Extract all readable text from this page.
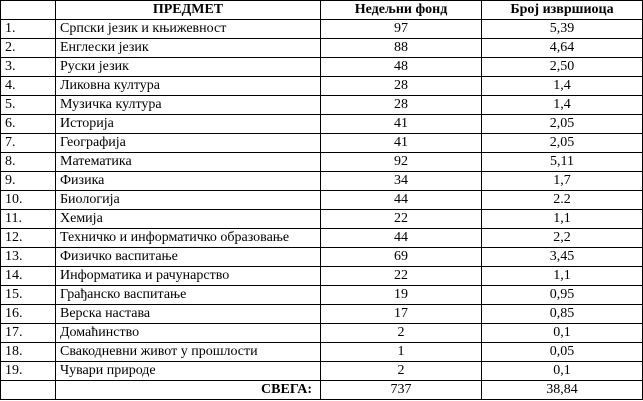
	ПРЕДМЕТ	Недељни фонд	Број извршиоца
1.	Српски језик и књижевност	97	5,39
2.	Енглески језик	88	4,64
3.	Руски језик	48	2,50
4.	Ликовна култура	28	1,4
5.	Музичка култура	28	1,4
6.	Историја	41	2,05
7.	Географија	41	2,05
8.	Математика	92	5,11
9.	Физика	34	1,7
10.	Биологија	44	2.2
11.	Хемија	22	1,1
12.	Техничко и информатичко образовање	44	2,2
13.	Физичко васпитање	69	3,45
14.	Информатика и рачунарство	22	1,1
15.	Грађанско васпитање	19	0,95
16.	Верска настава	17	0,85
17.	Домаћинство	2	0,1
18.	Свакодневни живот у прошлости	1	0,05
19.	Чувари природе	2	0,1
	СВЕГА:	737	38,84
